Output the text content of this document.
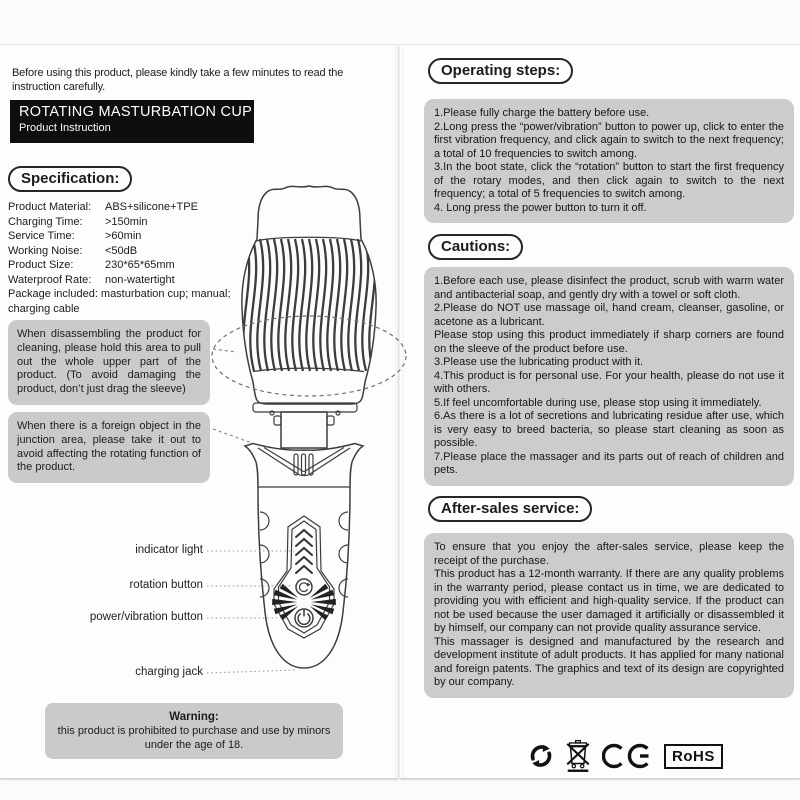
Before using this product, please kindly take a few minutes to read the instruction carefully.

ROTATING MASTURBATION CUP
Product Instruction
Specification:
Product Material: ABS+silicone+TPE
Charging Time: >150min
Service Time:	>60min
Working Noise: <50dB
Product Size:	230*65*65mm
Waterproof Rate: non-watertight
Package included: masturbation cup; manual; charging cable
When disassembling the product for cleaning, please hold this area to pull out the whole upper part of the product. (To avoid damaging the product, don’t just drag the sleeve)
When there is a foreign object in the junction area, please take it out to avoid affecting the rotating function of the product.
indicator light
rotation button
power/vibration button
charging jack
Warning:
this product is prohibited to purchase and use by minors under the age of 18.
Operating steps:

1.Please fully charge the battery before use.

2.Long press the “power/vibration” button to power up, click to enter the first vibration frequency, and click again to switch to the next frequency; a total of 10 frequencies to switch among.

3.In the boot state, click the “rotation” button to start the first frequency of the rotary modes, and then click again to switch to the next frequency; a total of 5 frequencies to switch among.

4. Long press the power button to turn it off.

Cautions:

1.Before each use, please disinfect the product, scrub with warm water and antibacterial soap, and gently dry with a towel or soft cloth.

2.Please do NOT use massage oil, hand cream, cleanser, gasoline, or acetone as a lubricant.

Please stop using this product immediately if sharp corners are found on the sleeve of the product before use.

3.Please use the lubricating product with it.

4.This product is for personal use. For your health, please do not use it with others.

5.If feel uncomfortable during use, please stop using it immediately.

6.As there is a lot of secretions and lubricating residue after use, which is very easy to breed bacteria, so please start cleaning as soon as possible.

7.Please place the massager and its parts out of reach of children and pets.

After-sales service:

To ensure that you enjoy the after-sales service, please keep the receipt of the purchase.

This product has a 12-month warranty. If there are any quality problems in the warranty period, please contact us in time, we are dedicated to providing you with efficient and high-quality service. If the product can not be used because the user damaged it artificially or disassembled it by himself, our company can not provide quality assurance service.

This massager is designed and manufactured by the research and development institute of adult products. It has applied for many national and foreign patents. The graphics and text of its design are copyrighted by our company.

RoHS
